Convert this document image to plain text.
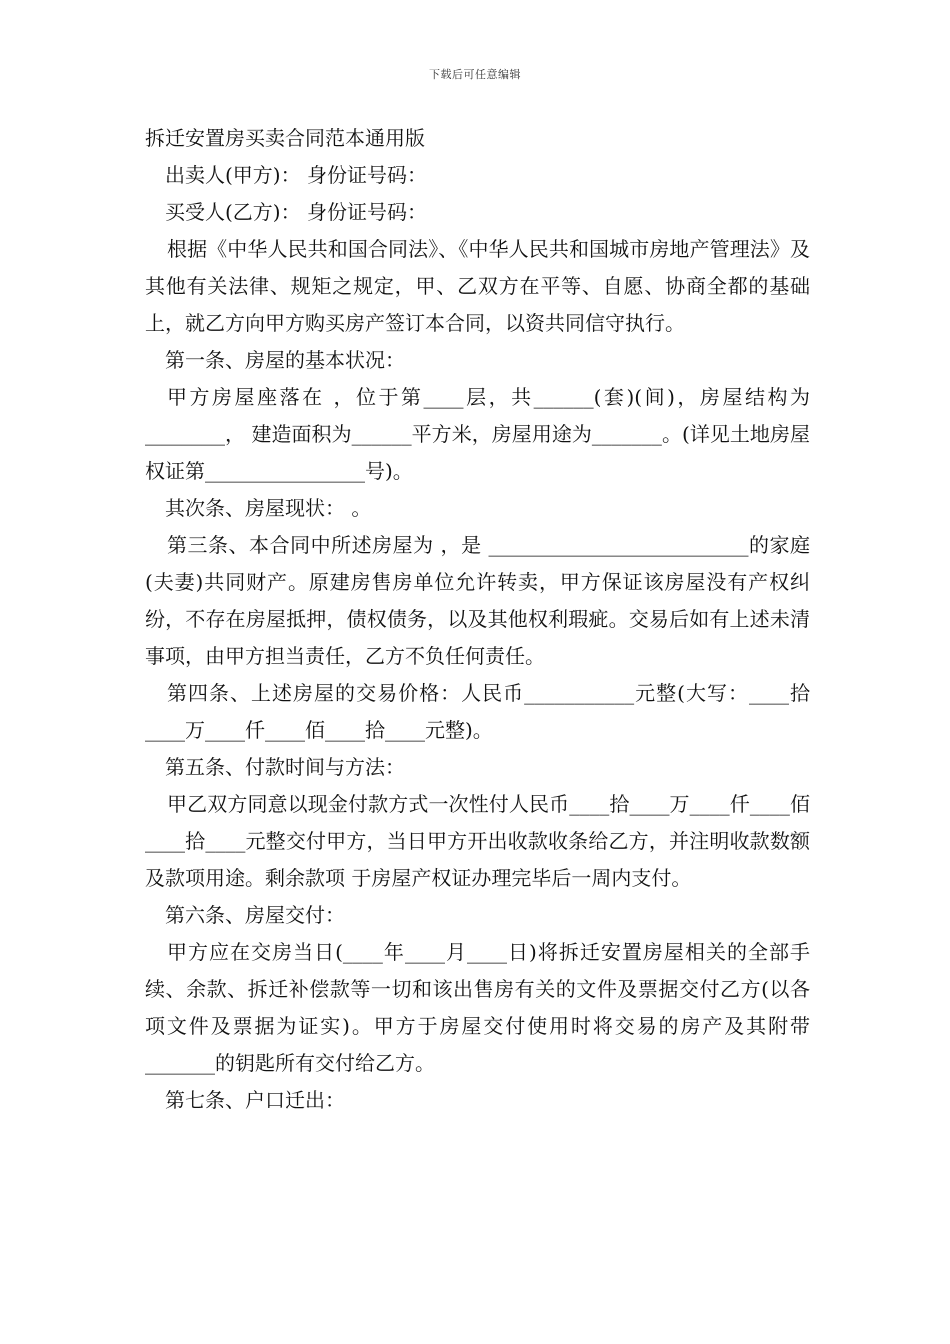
下载后可任意编辑

拆迁安置房买卖合同范本通用版

出卖人(甲方)： 身份证号码：

买受人(乙方)： 身份证号码：

根据《中华人民共和国合同法》、《中华人民共和国城市房地产管理法》及其他有关法律、规矩之规定，甲、乙双方在平等、自愿、协商全都的基础上，就乙方向甲方购买房产签订本合同，以资共同信守执行。

第一条、房屋的基本状况：

甲方房屋座落在 ，位于第____层，共______(套)(间)，房屋结构为________， 建造面积为______平方米，房屋用途为_______。(详见土地房屋权证第________________号)。

其次条、房屋现状： 。

第三条、本合同中所述房屋为 ，是 __________________________的家庭(夫妻)共同财产。原建房售房单位允许转卖，甲方保证该房屋没有产权纠纷，不存在房屋抵押，债权债务，以及其他权利瑕疵。交易后如有上述未清事项，由甲方担当责任，乙方不负任何责任。

第四条、上述房屋的交易价格：人民币___________元整(大写：____拾____万____仟____佰____拾____元整)。

第五条、付款时间与方法：

甲乙双方同意以现金付款方式一次性付人民币____拾____万____仟____佰____拾____元整交付甲方，当日甲方开出收款收条给乙方，并注明收款数额及款项用途。剩余款项 于房屋产权证办理完毕后一周内支付。

第六条、房屋交付：

甲方应在交房当日(____年____月____日)将拆迁安置房屋相关的全部手续、余款、拆迁补偿款等一切和该出售房有关的文件及票据交付乙方(以各项文件及票据为证实)。甲方于房屋交付使用时将交易的房产及其附带_______的钥匙所有交付给乙方。

第七条、户口迁出：
